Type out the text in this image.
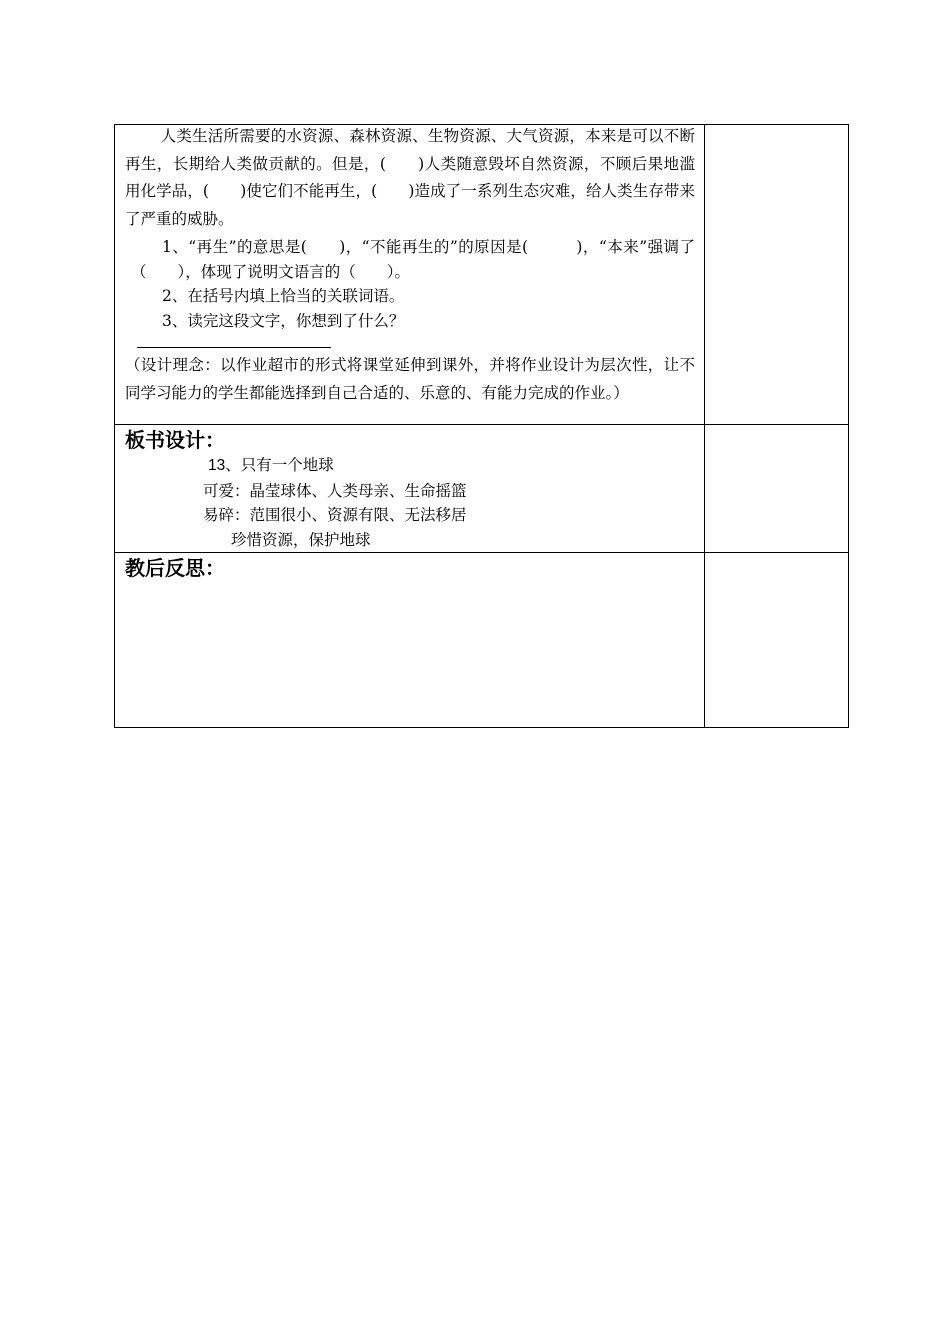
人类生活所需要的水资源、森林资源、生物资源、大气资源，本来是可以不断再生，长期给人类做贡献的。但是，(　　)人类随意毁坏自然资源，不顾后果地滥用化学品，(　　)使它们不能再生，(　　)造成了一系列生态灾难，给人类生存带来了严重的威胁。

1、“再生”的意思是(　　)，“不能再生的”的原因是(　　　)，“本来”强调了（　　），体现了说明文语言的（　　）。

2、在括号内填上恰当的关联词语。

3、读完这段文字，你想到了什么？

（设计理念：以作业超市的形式将课堂延伸到课外，并将作业设计为层次性，让不同学习能力的学生都能选择到自己合适的、乐意的、有能力完成的作业。）	

板书设计：

13、只有一个地球

可爱：晶莹球体、人类母亲、生命摇篮

易碎：范围很小、资源有限、无法移居

珍惜资源，保护地球	

教后反思：	
